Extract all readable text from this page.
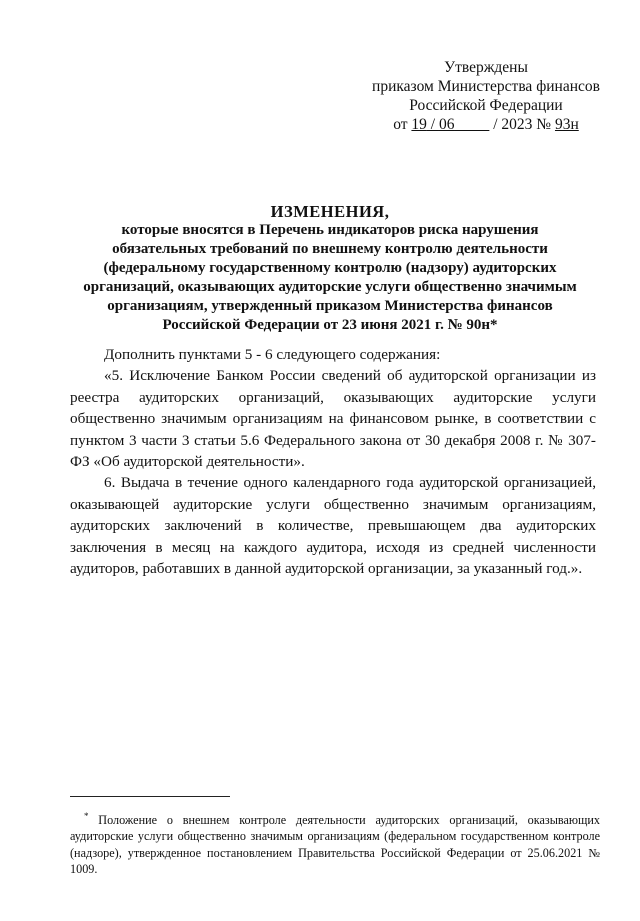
Утверждены
приказом Министерства финансов
Российской Федерации
от 19 / 06          / 2023 № 93н
ИЗМЕНЕНИЯ,
которые вносятся в Перечень индикаторов риска нарушения
обязательных требований по внешнему контролю деятельности
(федеральному государственному контролю (надзору) аудиторских
организаций, оказывающих аудиторские услуги общественно значимым
организациям, утвержденный приказом Министерства финансов
Российской Федерации от 23 июня 2021 г. № 90н*

Дополнить пунктами 5 - 6 следующего содержания:

«5. Исключение Банком России сведений об аудиторской организации из реестра аудиторских организаций, оказывающих аудиторские услуги общественно значимым организациям на финансовом рынке, в соответствии с пунктом 3 части 3 статьи 5.6 Федерального закона от 30 декабря 2008 г. № 307-ФЗ «Об аудиторской деятельности».

6. Выдача в течение одного календарного года аудиторской организацией, оказывающей аудиторские услуги общественно значимым организациям, аудиторских заключений в количестве, превышающем два аудиторских заключения в месяц на каждого аудитора, исходя из средней численности аудиторов, работавших в данной аудиторской организации, за указанный год.».

* Положение о внешнем контроле деятельности аудиторских организаций, оказывающих аудиторские услуги общественно значимым организациям (федеральном государственном контроле (надзоре), утвержденное постановлением Правительства Российской Федерации от 25.06.2021 № 1009.
